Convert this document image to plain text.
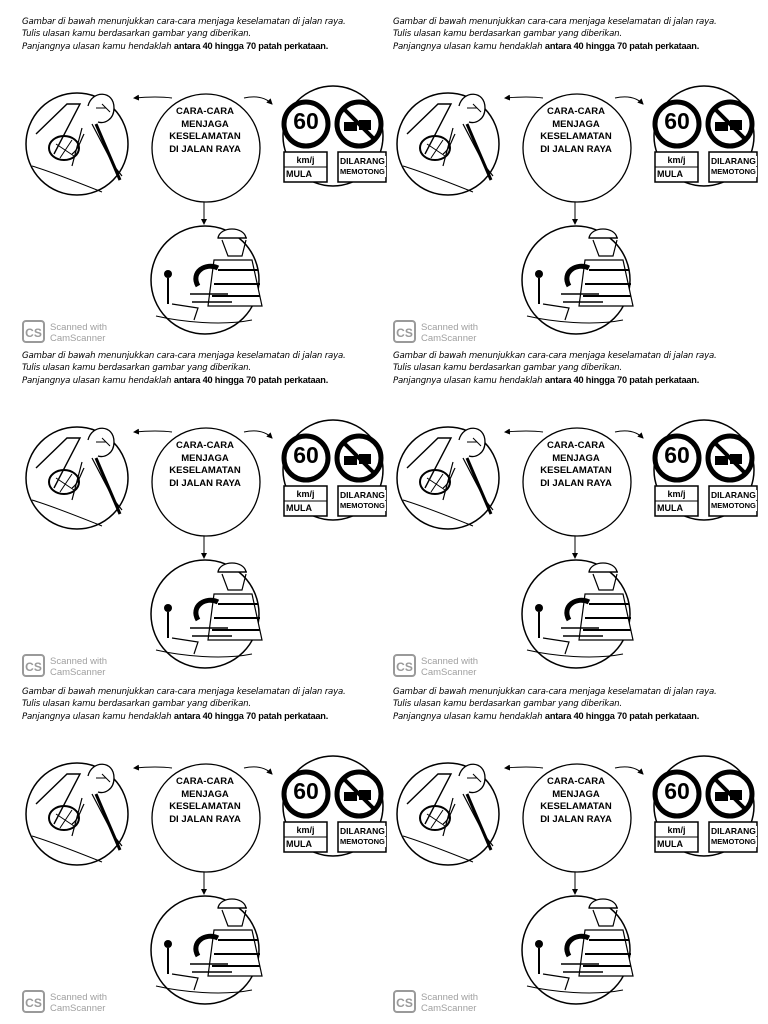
Gambar di bawah menunjukkan cara-cara menjaga keselamatan di jalan raya.
Tulis ulasan kamu berdasarkan gambar yang diberikan.
Panjangnya ulasan kamu hendaklah antara 40 hingga 70 patah perkataan.
CARA-CARA
MENJAGA
KESELAMATAN
DI JALAN RAYA
60
km/j
MULA
DILARANG
MEMOTONG
CS Scanned with
CamScanner
Gambar di bawah menunjukkan cara-cara menjaga keselamatan di jalan raya.
Tulis ulasan kamu berdasarkan gambar yang diberikan.
Panjangnya ulasan kamu hendaklah antara 40 hingga 70 patah perkataan.
CARA-CARA
MENJAGA
KESELAMATAN
DI JALAN RAYA
60
km/j
MULA
DILARANG
MEMOTONG
CS Scanned with
CamScanner
Gambar di bawah menunjukkan cara-cara menjaga keselamatan di jalan raya.
Tulis ulasan kamu berdasarkan gambar yang diberikan.
Panjangnya ulasan kamu hendaklah antara 40 hingga 70 patah perkataan.
CARA-CARA
MENJAGA
KESELAMATAN
DI JALAN RAYA
60
km/j
MULA
DILARANG
MEMOTONG
CS Scanned with
CamScanner
Gambar di bawah menunjukkan cara-cara menjaga keselamatan di jalan raya.
Tulis ulasan kamu berdasarkan gambar yang diberikan.
Panjangnya ulasan kamu hendaklah antara 40 hingga 70 patah perkataan.
CARA-CARA
MENJAGA
KESELAMATAN
DI JALAN RAYA
60
km/j
MULA
DILARANG
MEMOTONG
CS Scanned with
CamScanner
Gambar di bawah menunjukkan cara-cara menjaga keselamatan di jalan raya.
Tulis ulasan kamu berdasarkan gambar yang diberikan.
Panjangnya ulasan kamu hendaklah antara 40 hingga 70 patah perkataan.
CARA-CARA
MENJAGA
KESELAMATAN
DI JALAN RAYA
60
km/j
MULA
DILARANG
MEMOTONG
CS Scanned with
CamScanner
Gambar di bawah menunjukkan cara-cara menjaga keselamatan di jalan raya.
Tulis ulasan kamu berdasarkan gambar yang diberikan.
Panjangnya ulasan kamu hendaklah antara 40 hingga 70 patah perkataan.
CARA-CARA
MENJAGA
KESELAMATAN
DI JALAN RAYA
60
km/j
MULA
DILARANG
MEMOTONG
CS Scanned with
CamScanner
